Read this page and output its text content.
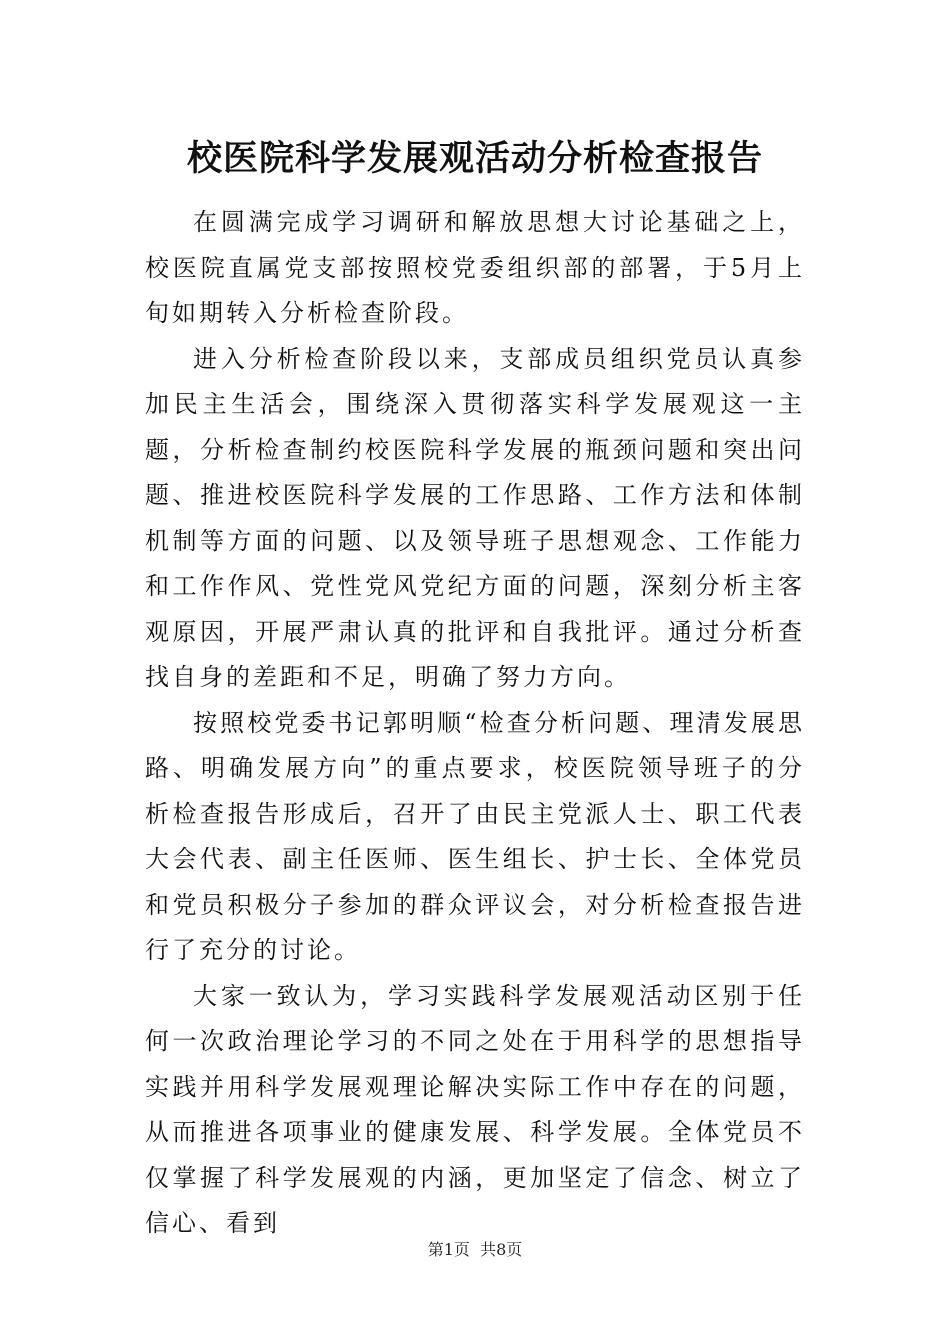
校医院科学发展观活动分析检查报告

在圆满完成学习调研和解放思想大讨论基础之上，校医院直属党支部按照校党委组织部的部署，于5月上旬如期转入分析检查阶段。

进入分析检查阶段以来，支部成员组织党员认真参加民主生活会，围绕深入贯彻落实科学发展观这一主题，分析检查制约校医院科学发展的瓶颈问题和突出问题、推进校医院科学发展的工作思路、工作方法和体制机制等方面的问题、以及领导班子思想观念、工作能力和工作作风、党性党风党纪方面的问题，深刻分析主客观原因，开展严肃认真的批评和自我批评。通过分析查找自身的差距和不足，明确了努力方向。

按照校党委书记郭明顺“检查分析问题、理清发展思路、明确发展方向”的重点要求，校医院领导班子的分析检查报告形成后，召开了由民主党派人士、职工代表大会代表、副主任医师、医生组长、护士长、全体党员和党员积极分子参加的群众评议会，对分析检查报告进行了充分的讨论。

大家一致认为，学习实践科学发展观活动区别于任何一次政治理论学习的不同之处在于用科学的思想指导实践并用科学发展观理论解决实际工作中存在的问题，从而推进各项事业的健康发展、科学发展。全体党员不仅掌握了科学发展观的内涵，更加坚定了信念、树立了信心、看到

第1页  共8页
